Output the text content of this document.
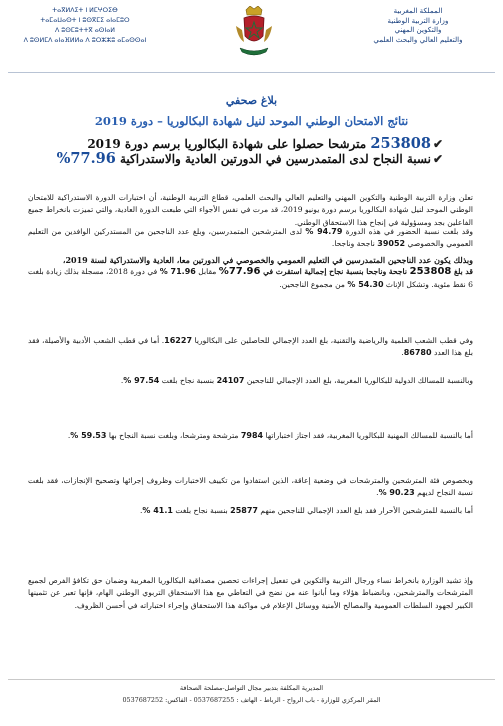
ⵜⴰⴳⵍⴷⵉⵜ ⵏ ⵍⵎⵖⵔⵉⴱ
ⵜⴰⵎⴰⵡⴰⵙⵜ ⵏ ⵓⵙⴳⵎⵉ ⴰⵏⴰⵎⵓⵔ
ⴷ ⵓⵙⵎⵓⵜⵜⴳ ⴰⵙⵏⴰⵍ
ⴷ ⵓⵙⵍⵎⴷ ⴰⵏⴰⴼⵍⵍⴰ ⴷ ⵓⵔⵣⵣⵓ ⴰⵎⴰⵙⵙⴰⵏ
المملكة المغربية
وزارة التربية الوطنية
والتكوين المهني
والتعليم العالي والبحث العلمي
بلاغ صحفي
نتائج الامتحان الوطني الموحد لنيل شهادة البكالوريا – دورة 2019
✔253808 مترشحا حصلوا على شهادة البكالوريا برسم دورة 2019
✔نسبة النجاح لدى المتمدرسين في الدورتين العادية والاستدراكية 77.96%
تعلن وزارة التربية الوطنية والتكوين المهني والتعليم العالي والبحث العلمي، قطاع التربية الوطنية، أن اختبارات الدورة الاستدراكية للامتحان الوطني الموحد لنيل شهادة البكالوريا برسم دورة يونيو 2019، قد مرت في نفس الأجواء التي طبعت الدورة العادية، والتي تميزت بانخراط جميع الفاعلين بجد ومسؤولية في إنجاح هذا الاستحقاق الوطني.
وقد بلغت نسبة الحضور في هذه الدورة 94.79 % لدى المترشحين المتمدرسين، وبلغ عدد الناجحين من المستدركين الوافدين من التعليم العمومي والخصوصي 39052 ناجحة وناجحا.
وبذلك يكون عدد الناجحين المتمدرسين في التعليم العمومي والخصوصي في الدورتين معا، العادية والاستدراكية لسنة 2019،
قد بلغ 253808 ناجحة وناجحا بنسبة نجاح إجمالية استقرت في 77.96% مقابل 71.96 % في دورة 2018، مسجلة بذلك زيادة بلغت 6 نقط مئوية. وتشكل الإناث 54.30 % من مجموع الناجحين.
وفي قطب الشعب العلمية والرياضية والتقنية، بلغ العدد الإجمالي للحاصلين على البكالوريا 16227. أما في قطب الشعب الأدبية والأصيلة، فقد بلغ هذا العدد 86780.
وبالنسبة للمسالك الدولية للبكالوريا المغربية، بلغ العدد الإجمالي للناجحين 24107 بنسبة نجاح بلغت 97.54 %.
أما بالنسبة للمسالك المهنية للبكالوريا المغربية، فقد اجتاز اختباراتها 7984 مترشحة ومترشحا، وبلغت نسبة النجاح بها 59.53 %.
وبخصوص فئة المترشحين والمترشحات في وضعية إعاقة، الذين استفادوا من تكييف الاختبارات وظروف إجرائها وتصحيح الإنجازات، فقد بلغت نسبة النجاح لديهم 90.23 %.
أما بالنسبة للمترشحين الأحرار فقد بلغ العدد الإجمالي للناجحين منهم 25877 بنسبة نجاح بلغت 41.1 %.
وإذ تشيد الوزارة بانخراط نساء ورجال التربية والتكوين في تفعيل إجراءات تحصين مصداقية البكالوريا المغربية وضمان حق تكافؤ الفرص لجميع المترشحات والمترشحين، وبانضباط هؤلاء وما أبانوا عنه من نضج في التعاطي مع هذا الاستحقاق التربوي الوطني الهام، فإنها تعبر عن تثمينها الكبير لجهود السلطات العمومية والمصالح الأمنية ووسائل الإعلام في مواكبة هذا الاستحقاق وإجراء اختباراته في أحسن الظروف.
المديرية المكلفة بتدبير مجال التواصل-مصلحة الصحافة
المقر المركزي للوزارة - باب الرواح - الرباط - الهاتف : 0537687255 - الفاكس: 0537687252
